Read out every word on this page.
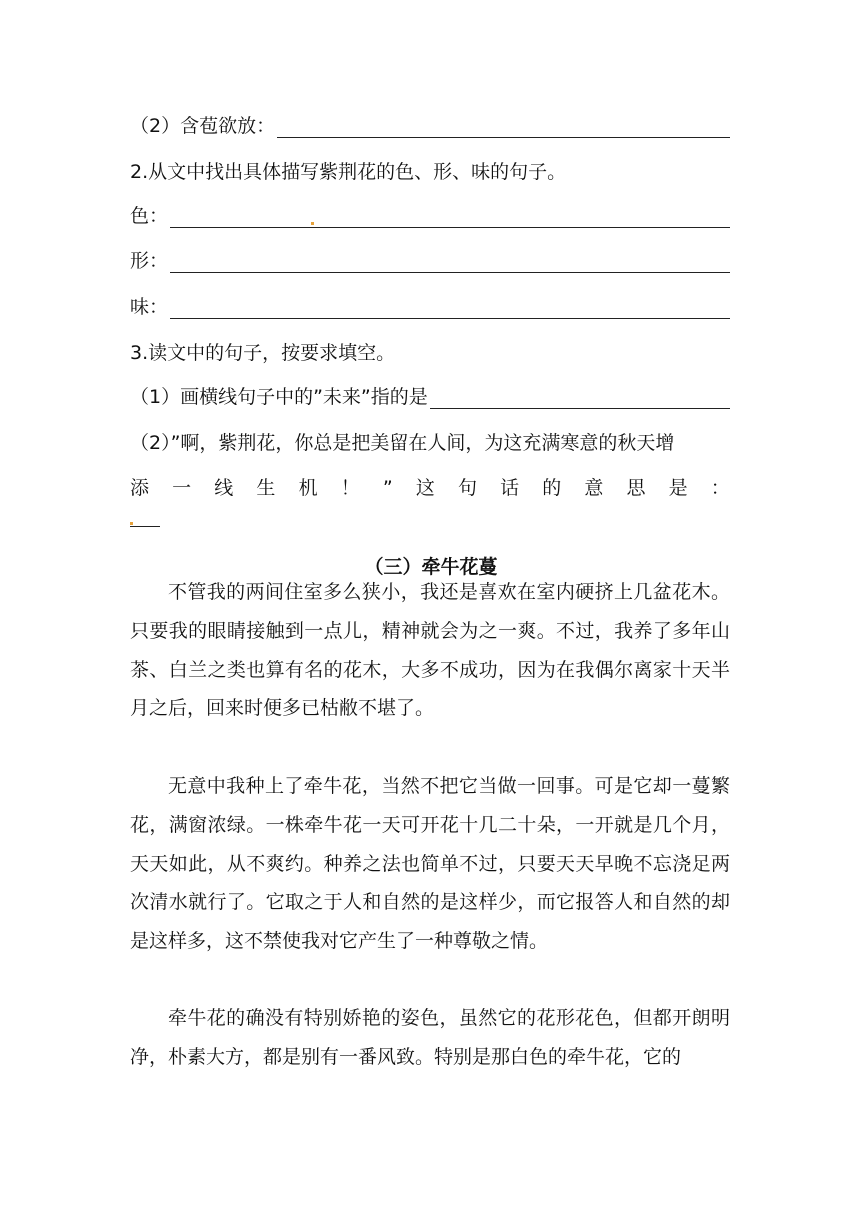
（2）含苞欲放：
2.从文中找出具体描写紫荆花的色、形、味的句子。
色：
形：
味：
3.读文中的句子，按要求填空。
（1）画横线句子中的”未来”指的是
（2）”啊，紫荆花，你总是把美留在人间，为这充满寒意的秋天增
添 一 线 生 机 ！ ” 这 句 话 的 意 思 是 ：
（三）牵牛花蔓

不管我的两间住室多么狭小，我还是喜欢在室内硬挤上几盆花木。只要我的眼睛接触到一点儿，精神就会为之一爽。不过，我养了多年山茶、白兰之类也算有名的花木，大多不成功，因为在我偶尔离家十天半月之后，回来时便多已枯敝不堪了。

无意中我种上了牵牛花，当然不把它当做一回事。可是它却一蔓繁花，满窗浓绿。一株牵牛花一天可开花十几二十朵，一开就是几个月，天天如此，从不爽约。种养之法也简单不过，只要天天早晚不忘浇足两次清水就行了。它取之于人和自然的是这样少，而它报答人和自然的却是这样多，这不禁使我对它产生了一种尊敬之情。

牵牛花的确没有特别娇艳的姿色，虽然它的花形花色，但都开朗明净，朴素大方，都是别有一番风致。特别是那白色的牵牛花，它的
